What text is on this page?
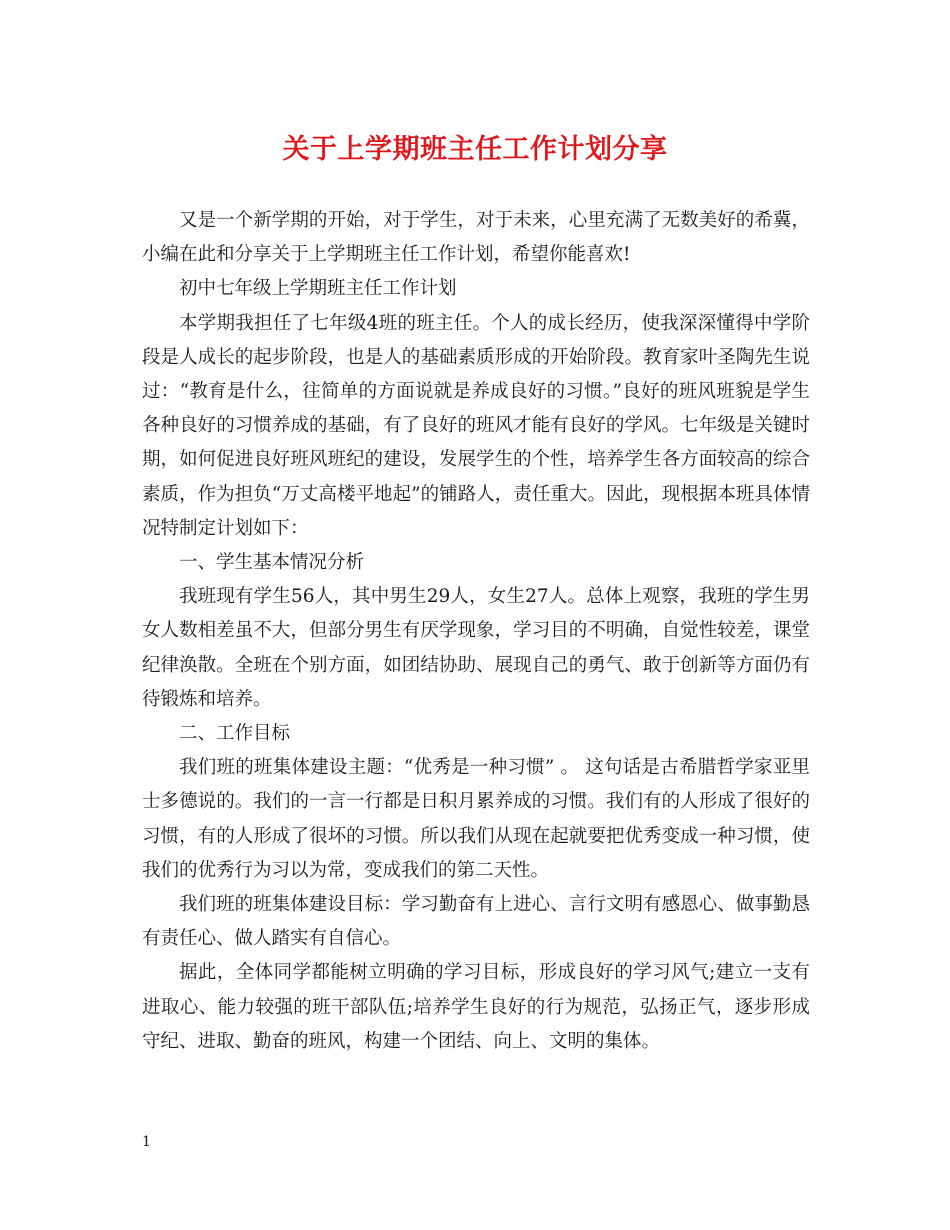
关于上学期班主任工作计划分享

又是一个新学期的开始，对于学生，对于未来，心里充满了无数美好的希冀，小编在此和分享关于上学期班主任工作计划，希望你能喜欢!

初中七年级上学期班主任工作计划

本学期我担任了七年级4班的班主任。个人的成长经历，使我深深懂得中学阶段是人成长的起步阶段，也是人的基础素质形成的开始阶段。教育家叶圣陶先生说过：“教育是什么，往简单的方面说就是养成良好的习惯。”良好的班风班貌是学生各种良好的习惯养成的基础，有了良好的班风才能有良好的学风。七年级是关键时期，如何促进良好班风班纪的建设，发展学生的个性，培养学生各方面较高的综合素质，作为担负“万丈高楼平地起”的铺路人，责任重大。因此，现根据本班具体情况特制定计划如下：

一、学生基本情况分析

我班现有学生56人，其中男生29人，女生27人。总体上观察，我班的学生男女人数相差虽不大，但部分男生有厌学现象，学习目的不明确，自觉性较差，课堂纪律涣散。全班在个别方面，如团结协助、展现自己的勇气、敢于创新等方面仍有待锻炼和培养。

二、工作目标

我们班的班集体建设主题：“优秀是一种习惯” 。 这句话是古希腊哲学家亚里士多德说的。我们的一言一行都是日积月累养成的习惯。我们有的人形成了很好的习惯，有的人形成了很坏的习惯。所以我们从现在起就要把优秀变成一种习惯，使我们的优秀行为习以为常，变成我们的第二天性。

我们班的班集体建设目标：学习勤奋有上进心、言行文明有感恩心、做事勤恳有责任心、做人踏实有自信心。

据此，全体同学都能树立明确的学习目标，形成良好的学习风气;建立一支有进取心、能力较强的班干部队伍;培养学生良好的行为规范，弘扬正气，逐步形成守纪、进取、勤奋的班风，构建一个团结、向上、文明的集体。

1
